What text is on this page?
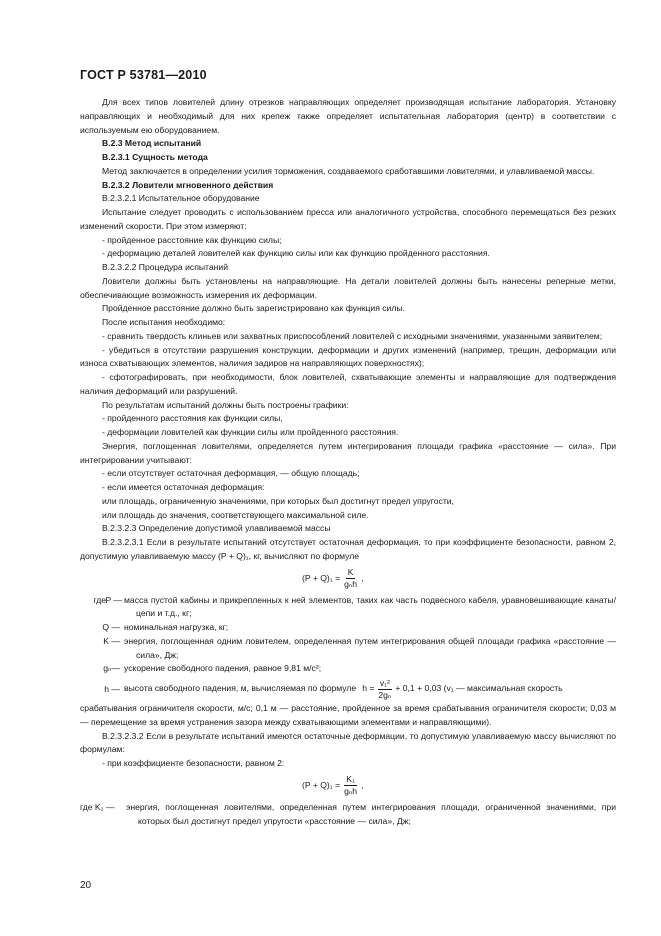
ГОСТ Р 53781—2010

Для всех типов ловителей длину отрезков направляющих определяет производящая испытание лаборатория. Установку направляющих и необходимый для них крепеж также определяет испытательная лаборатория (центр) в соответствии с используемым ею оборудованием.

В.2.3 Метод испытаний

В.2.3.1 Сущность метода

Метод заключается в определении усилия торможения, создаваемого сработавшими ловителями, и улавливаемой массы.

В.2.3.2 Ловители мгновенного действия

В.2.3.2.1 Испытательное оборудование

Испытание следует проводить с использованием пресса или аналогичного устройства, способного перемещаться без резких изменений скорости. При этом измеряют:

- пройденное расстояние как функцию силы;

- деформацию деталей ловителей как функцию силы или как функцию пройденного расстояния.

В.2.3.2.2 Процедура испытаний

Ловители должны быть установлены на направляющие. На детали ловителей должны быть нанесены реперные метки, обеспечивающие возможность измерения их деформации.

Пройденное расстояние должно быть зарегистрировано как функция силы.

После испытания необходимо:

- сравнить твердость клиньев или захватных приспособлений ловителей с исходными значениями, указанными заявителем;

- убедиться в отсутствии разрушения конструкции, деформации и других изменений (например, трещин, деформации или износа схватывающих элементов, наличия задиров на направляющих поверхностях);

- сфотографировать, при необходимости, блок ловителей, схватывающие элементы и направляющие для подтверждения наличия деформаций или разрушений.

По результатам испытаний должны быть построены графики:

- пройденного расстояния как функции силы,

- деформации ловителей как функции силы или пройденного расстояния.

Энергия, поглощенная ловителями, определяется путем интегрирования площади графика «расстояние — сила». При интегрировании учитывают:

- если отсутствует остаточная деформация, — общую площадь;

- если имеется остаточная деформация:

или площадь, ограниченную значениями, при которых был достигнут предел упругости,

или площадь до значения, соответствующего максимальной силе.

В.2.3.2.3 Определение допустимой улавливаемой массы

В.2.3.2.3.1 Если в результате испытаний отсутствует остаточная деформация, то при коэффициенте безопасности, равном 2, допустимую улавливаемую массу (P + Q)₁, кг, вычисляют по формуле

$(P + Q)_1 = \frac{K}{\text{gₙh}}$ ,
где P — масса пустой кабины и прикрепленных к ней элементов, таких как часть подвесного кабеля, уравновешивающие канаты/цепи и т.д., кг;
Q — номинальная нагрузка, кг;
K — энергия, поглощенная одним ловителем, определенная путем интегрирования общей площади графика «расстояние — сила», Дж;
gₙ— ускорение свободного падения, равное 9,81 м/с²;
h — высота свободного падения, м, вычисляемая по формуле $h = \frac{\text{v₁²}}{\text{2gₙ}} + 0,1 + 0,03$ (v₁ — максимальная скорость

срабатывания ограничителя скорости, м/с; 0,1 м — расстояние, пройденное за время срабатывания ограничителя скорости; 0,03 м — перемещение за время устранения зазора между схватывающими элементами и направляющими).

В.2.3.2.3.2 Если в результате испытаний имеются остаточные деформации, то допустимую улавливаемую массу вычисляют по формулам:

- при коэффициенте безопасности, равном 2:

$(P + Q)_1 = \frac{\text{K₁}}{\text{gₙh}}$ ,
где K₁ —	энергия, поглощенная ловителями, определенная путем интегрирования площади, ограниченной значениями, при которых был достигнут предел упругости «расстояние — сила», Дж;
20
